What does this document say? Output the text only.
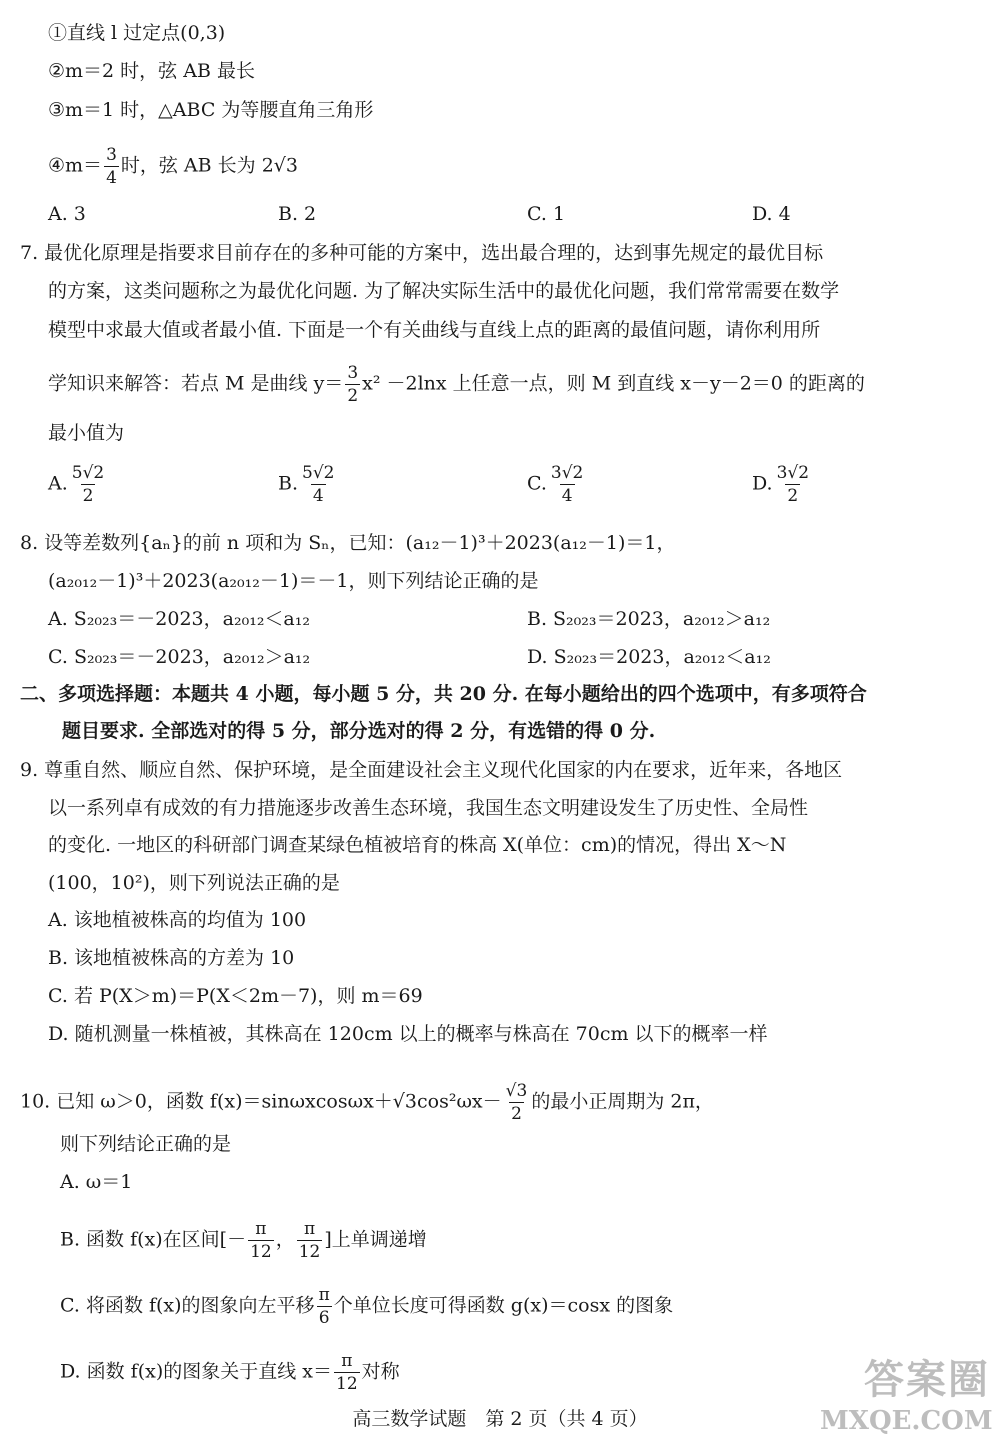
①直线 l 过定点(0,3)
②m＝2 时，弦 AB 最长
③m＝1 时，△ABC 为等腰直角三角形
④m＝ $\frac{3}{4}$ 时，弦 AB 长为 2√3
A. 3	B. 2	C. 1	D. 4
7. 最优化原理是指要求目前存在的多种可能的方案中，选出最合理的，达到事先规定的最优目标
的方案，这类问题称之为最优化问题. 为了解决实际生活中的最优化问题，我们常常需要在数学
模型中求最大值或者最小值. 下面是一个有关曲线与直线上点的距离的最值问题，请你利用所
学知识来解答：若点 M 是曲线 $y= \frac{3}{2} x^2 -2\ln x$ 上任意一点，则 M 到直线 x－y－2＝0 的距离的
最小值为
A. $\frac{5√2}{2}$	B. $\frac{5√2}{4}$	C. $\frac{3√2}{4}$	D. $\frac{3√2}{2}$
8. 设等差数列{aₙ}的前 n 项和为 Sₙ，已知：(a₁₂－1)³＋2023(a₁₂－1)＝1，
(a₂₀₁₂－1)³＋2023(a₂₀₁₂－1)＝－1，则下列结论正确的是
A. S₂₀₂₃＝－2023，a₂₀₁₂＜a₁₂	B. S₂₀₂₃＝2023，a₂₀₁₂＞a₁₂
C. S₂₀₂₃＝－2023，a₂₀₁₂＞a₁₂	D. S₂₀₂₃＝2023，a₂₀₁₂＜a₁₂
二、多项选择题：本题共 4 小题，每小题 5 分，共 20 分. 在每小题给出的四个选项中，有多项符合
题目要求. 全部选对的得 5 分，部分选对的得 2 分，有选错的得 0 分.
9. 尊重自然、顺应自然、保护环境，是全面建设社会主义现代化国家的内在要求，近年来，各地区
以一系列卓有成效的有力措施逐步改善生态环境，我国生态文明建设发生了历史性、全局性
的变化. 一地区的科研部门调查某绿色植被培育的株高 X(单位：cm)的情况，得出 X～N
(100，10²)，则下列说法正确的是
A. 该地植被株高的均值为 100
B. 该地植被株高的方差为 10
C. 若 P(X＞m)＝P(X＜2m－7)，则 m＝69
D. 随机测量一株植被，其株高在 120cm 以上的概率与株高在 70cm 以下的概率一样
10. 已知 ω＞0，函数 $f(x)=\sin\omega xcos\omega x+√3\cos^2\omega x- \frac{√3}{2}$ 的最小正周期为 2π，
则下列结论正确的是
A. ω＝1
B. 函数 f(x)在区间[－ $\frac{\pi}{12}$ ， $\frac{\pi}{12}$ ]上单调递增
C. 将函数 f(x)的图象向左平移 $\frac{\pi}{6}$ 个单位长度可得函数 g(x)＝cosx 的图象
D. 函数 f(x)的图象关于直线 $x= \frac{\pi}{12}$ 对称
高三数学试题　第 2 页（共 4 页）
答案圈
MXQE.COM
